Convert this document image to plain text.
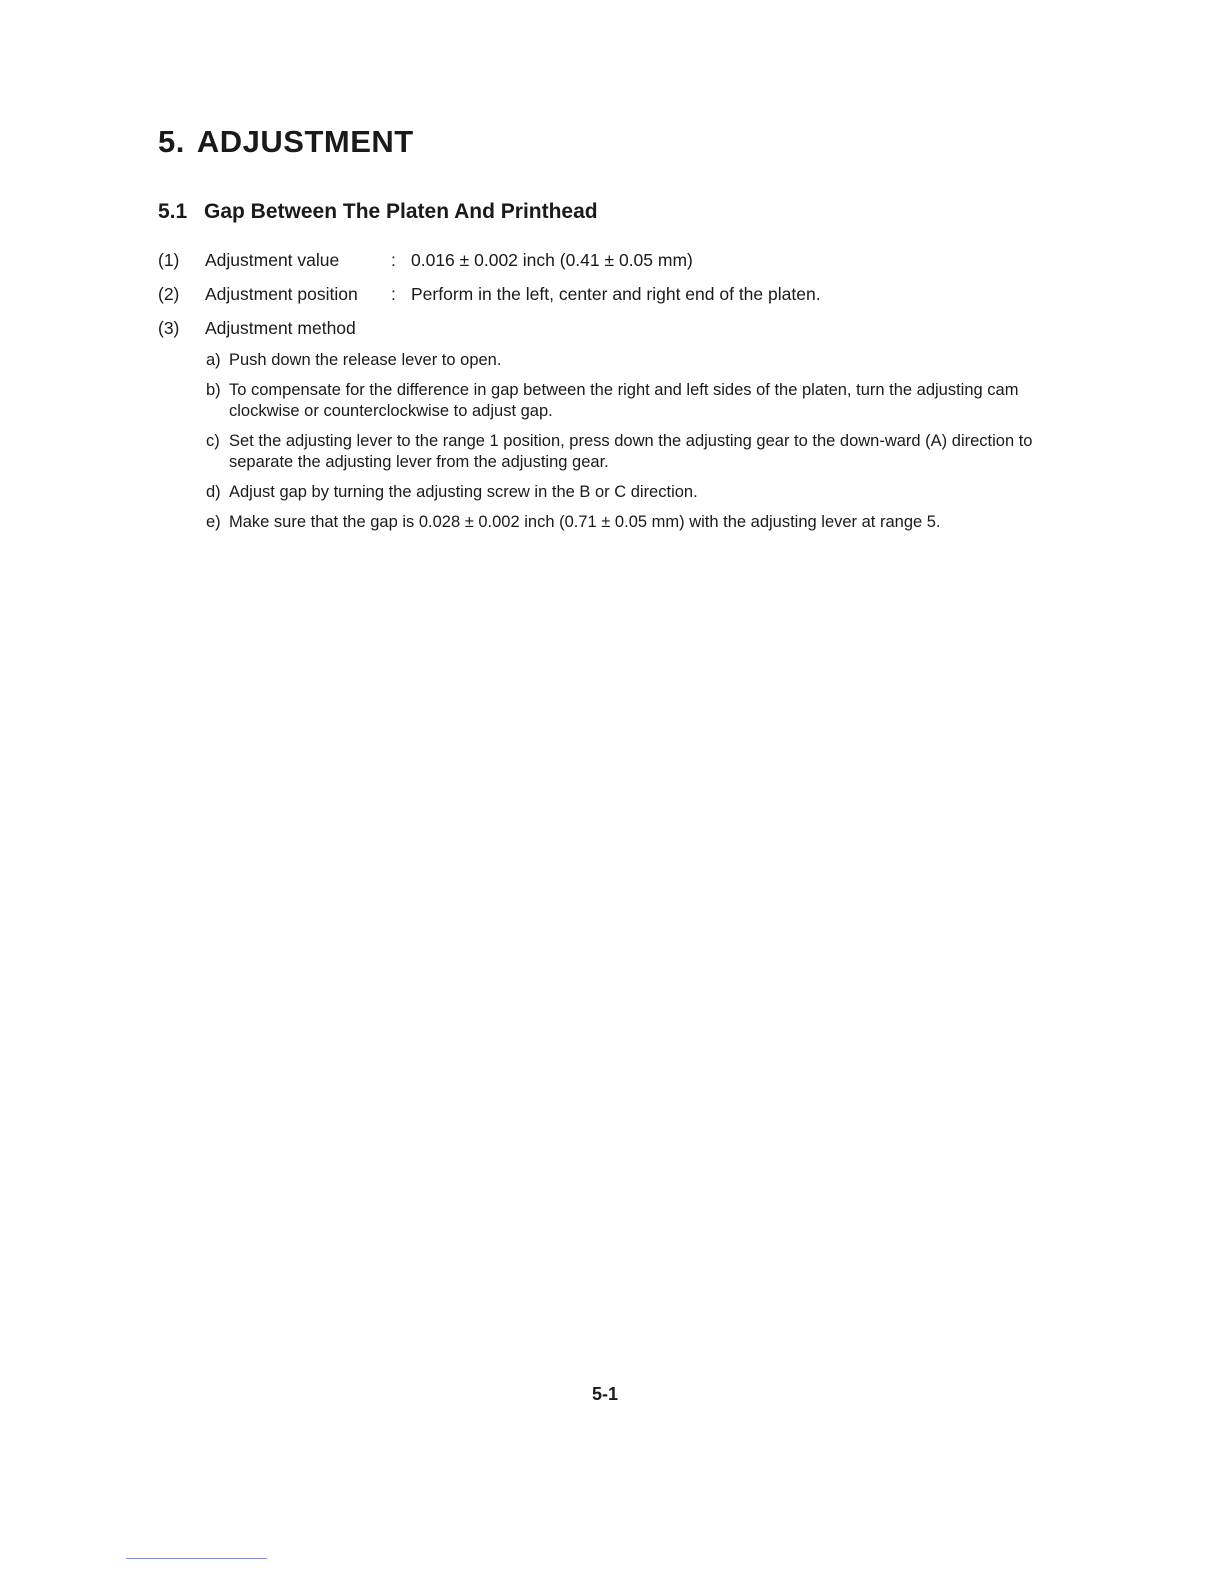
5. ADJUSTMENT
5.1 Gap Between The Platen And Printhead
(1) Adjustment value	: 0.016 ± 0.002 inch (0.41 ± 0.05 mm)
(2) Adjustment position : Perform in the left, center and right end of the platen.
(3) Adjustment method

a) Push down the release lever to open.

b) To compensate for the difference in gap between the right and left sides of the platen, turn the adjusting cam clockwise or counterclockwise to adjust gap.

c) Set the adjusting lever to the range 1 position, press down the adjusting gear to the down-ward (A) direction to separate the adjusting lever from the adjusting gear.

d) Adjust gap by turning the adjusting screw in the B or C direction.

e) Make sure that the gap is 0.028 ± 0.002 inch (0.71 ± 0.05 mm) with the adjusting lever at range 5.

5-1
